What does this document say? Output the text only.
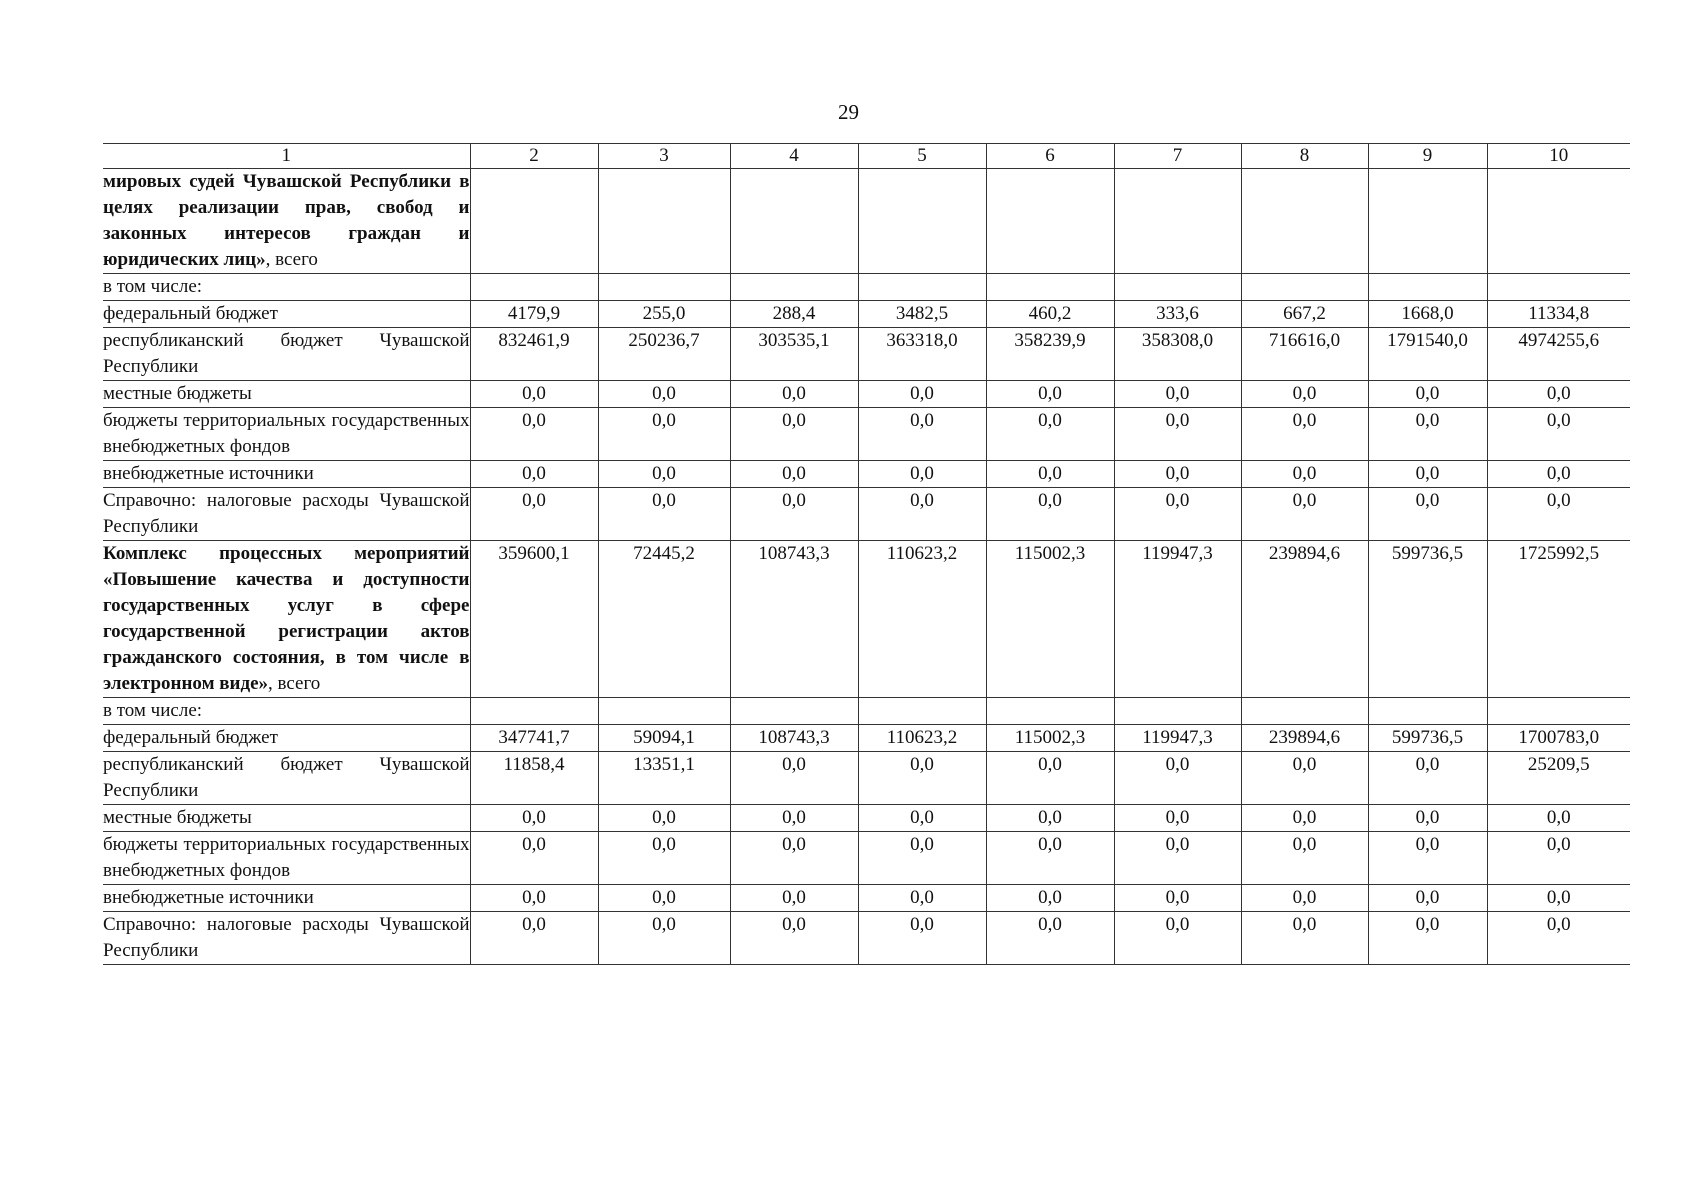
29
1	2	3	4	5	6	7	8	9	10
мировых судей Чувашской Республики в целях реализации прав, свобод и законных интересов граждан и юридических лиц», всего									
в том числе:									
федеральный бюджет	4179,9	255,0	288,4	3482,5	460,2	333,6	667,2	1668,0	11334,8
республиканский бюджет Чувашской Республики	832461,9	250236,7	303535,1	363318,0	358239,9	358308,0	716616,0	1791540,0	4974255,6
местные бюджеты	0,0	0,0	0,0	0,0	0,0	0,0	0,0	0,0	0,0
бюджеты территориальных государственных внебюджетных фондов	0,0	0,0	0,0	0,0	0,0	0,0	0,0	0,0	0,0
внебюджетные источники	0,0	0,0	0,0	0,0	0,0	0,0	0,0	0,0	0,0
Справочно: налоговые расходы Чувашской Республики	0,0	0,0	0,0	0,0	0,0	0,0	0,0	0,0	0,0
Комплекс процессных мероприятий «Повышение качества и доступности государственных услуг в сфере государственной регистрации актов гражданского состояния, в том числе в электронном виде», всего	359600,1	72445,2	108743,3	110623,2	115002,3	119947,3	239894,6	599736,5	1725992,5
в том числе:									
федеральный бюджет	347741,7	59094,1	108743,3	110623,2	115002,3	119947,3	239894,6	599736,5	1700783,0
республиканский бюджет Чувашской Республики	11858,4	13351,1	0,0	0,0	0,0	0,0	0,0	0,0	25209,5
местные бюджеты	0,0	0,0	0,0	0,0	0,0	0,0	0,0	0,0	0,0
бюджеты территориальных государственных внебюджетных фондов	0,0	0,0	0,0	0,0	0,0	0,0	0,0	0,0	0,0
внебюджетные источники	0,0	0,0	0,0	0,0	0,0	0,0	0,0	0,0	0,0
Справочно: налоговые расходы Чувашской Республики	0,0	0,0	0,0	0,0	0,0	0,0	0,0	0,0	0,0
